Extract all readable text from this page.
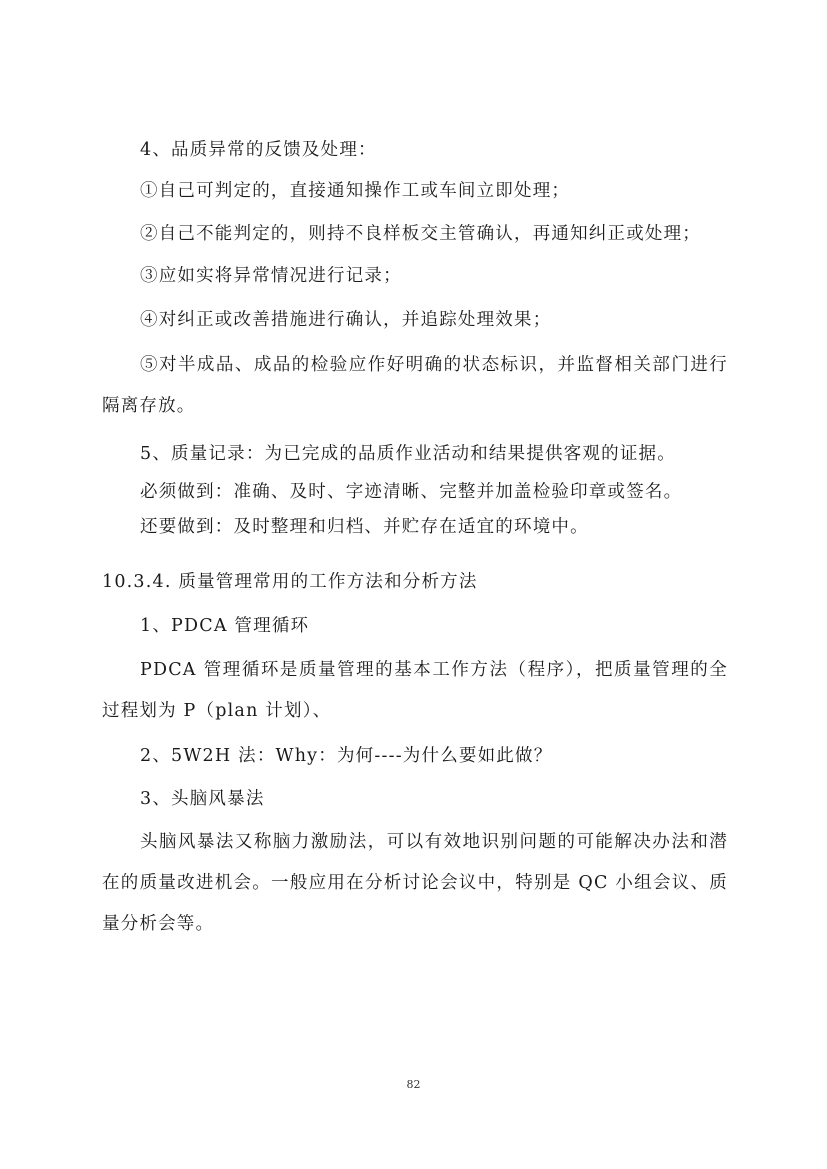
4、品质异常的反馈及处理：
①自己可判定的，直接通知操作工或车间立即处理；
②自己不能判定的，则持不良样板交主管确认，再通知纠正或处理；
③应如实将异常情况进行记录；
④对纠正或改善措施进行确认，并追踪处理效果；
⑤对半成品、成品的检验应作好明确的状态标识，并监督相关部门进行隔离存放。
5、质量记录：为已完成的品质作业活动和结果提供客观的证据。
必须做到：准确、及时、字迹清晰、完整并加盖检验印章或签名。
还要做到：及时整理和归档、并贮存在适宜的环境中。
10.3.4. 质量管理常用的工作方法和分析方法
1、PDCA 管理循环
PDCA 管理循环是质量管理的基本工作方法（程序），把质量管理的全过程划为 P（plan 计划）、
2、5W2H 法：Why：为何----为什么要如此做？
3、头脑风暴法
头脑风暴法又称脑力激励法，可以有效地识别问题的可能解决办法和潜在的质量改进机会。一般应用在分析讨论会议中，特别是 QC 小组会议、质量分析会等。
82
